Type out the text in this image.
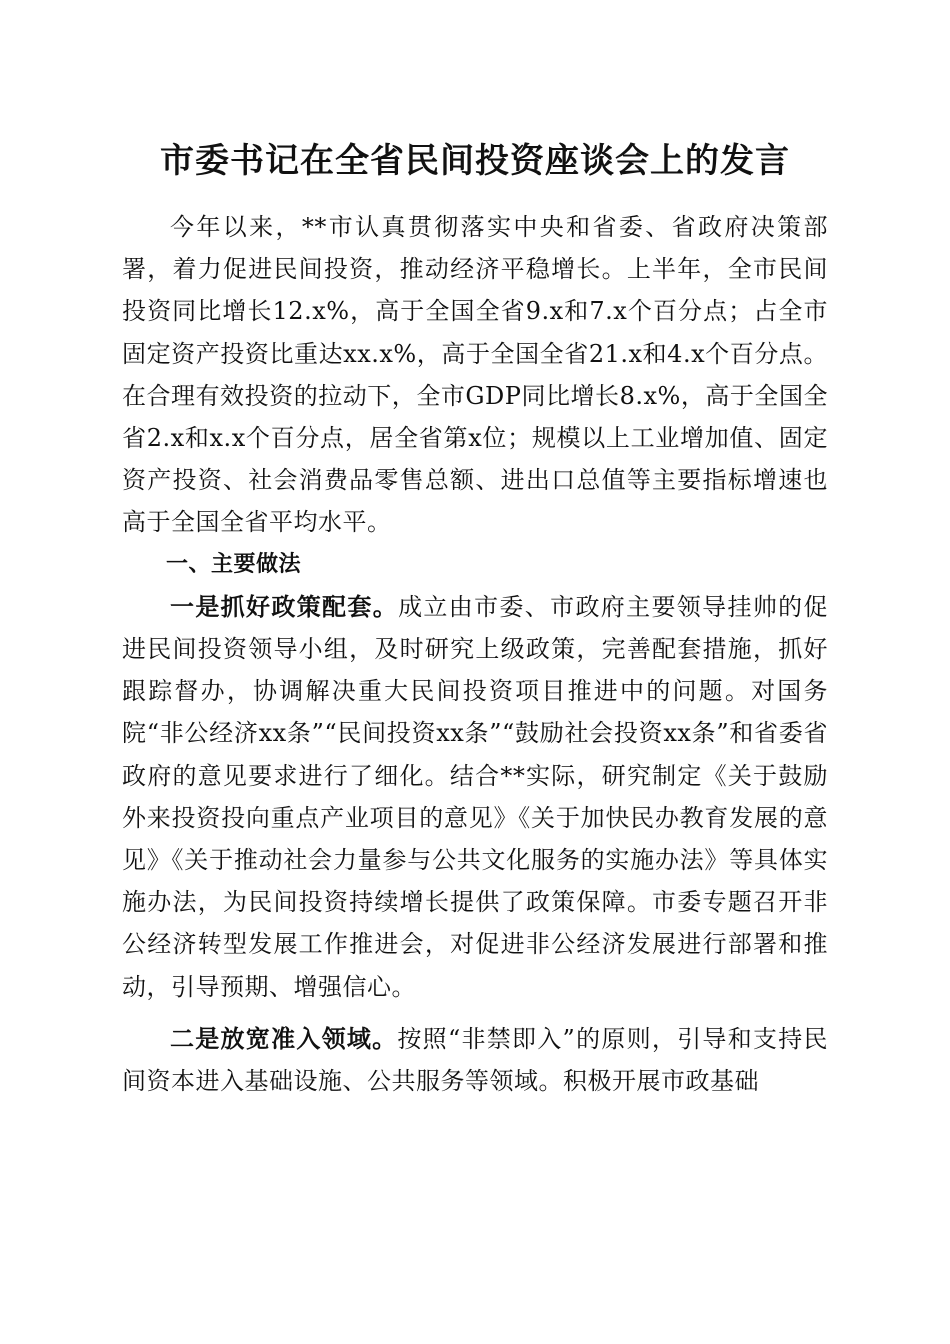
市委书记在全省民间投资座谈会上的发言

今年以来，**市认真贯彻落实中央和省委、省政府决策部署，着力促进民间投资，推动经济平稳增长。上半年，全市民间投资同比增长12.x%，高于全国全省9.x和7.x个百分点；占全市固定资产投资比重达xx.x%，高于全国全省21.x和4.x个百分点。在合理有效投资的拉动下，全市GDP同比增长8.x%，高于全国全省2.x和x.x个百分点，居全省第x位；规模以上工业增加值、固定资产投资、社会消费品零售总额、进出口总值等主要指标增速也高于全国全省平均水平。

一、主要做法

一是抓好政策配套。成立由市委、市政府主要领导挂帅的促进民间投资领导小组，及时研究上级政策，完善配套措施，抓好跟踪督办，协调解决重大民间投资项目推进中的问题。对国务院“非公经济xx条”“民间投资xx条”“鼓励社会投资xx条”和省委省政府的意见要求进行了细化。结合**实际，研究制定《关于鼓励外来投资投向重点产业项目的意见》《关于加快民办教育发展的意见》《关于推动社会力量参与公共文化服务的实施办法》等具体实施办法，为民间投资持续增长提供了政策保障。市委专题召开非公经济转型发展工作推进会，对促进非公经济发展进行部署和推动，引导预期、增强信心。

二是放宽准入领域。按照“非禁即入”的原则，引导和支持民间资本进入基础设施、公共服务等领域。积极开展市政基础
